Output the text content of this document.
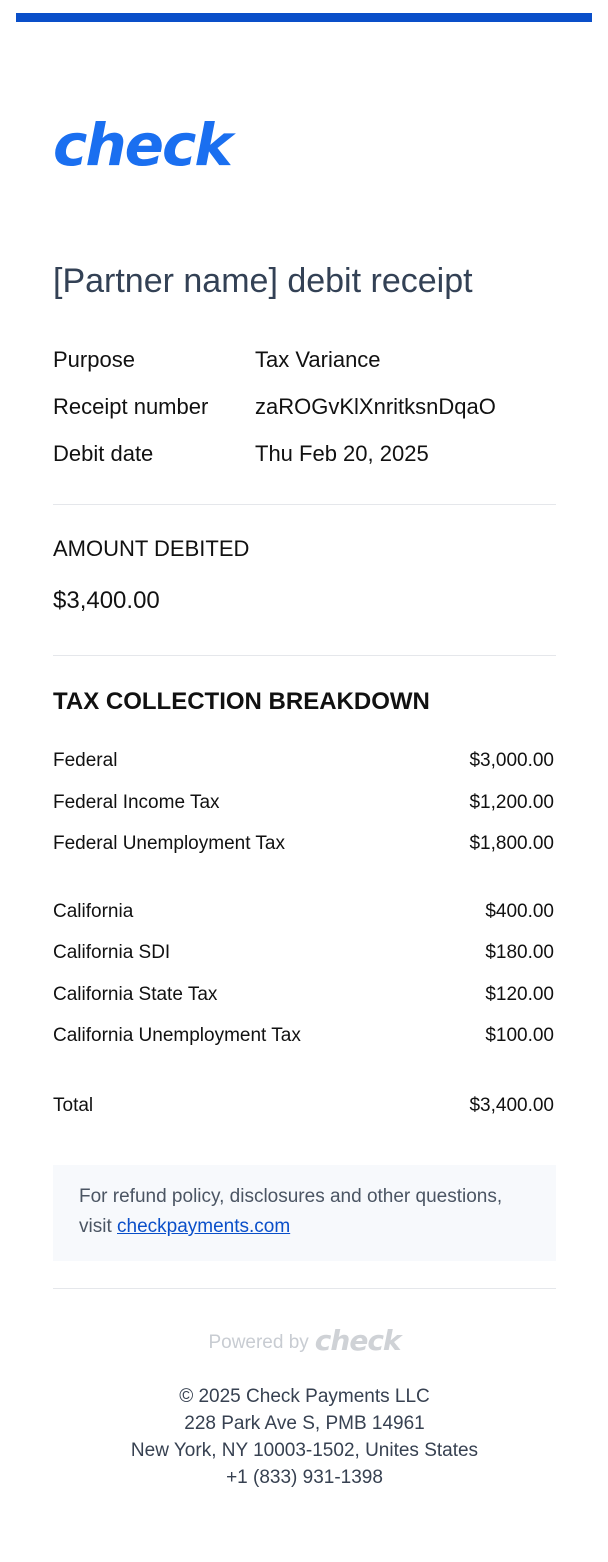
check
[Partner name] debit receipt
Purpose	Tax Variance
Receipt number	zaROGvKlXnritksnDqaO
Debit date	Thu Feb 20, 2025
AMOUNT DEBITED
$3,400.00
TAX COLLECTION BREAKDOWN
Federal	$3,000.00
Federal Income Tax	$1,200.00
Federal Unemployment Tax	$1,800.00
California	$400.00
California SDI	$180.00
California State Tax	$120.00
California Unemployment Tax	$100.00
Total	$3,400.00
For refund policy, disclosures and other questions, visit checkpayments.com
Powered by check
© 2025 Check Payments LLC
228 Park Ave S, PMB 14961
New York, NY 10003-1502, Unites States
+1 (833) 931-1398
